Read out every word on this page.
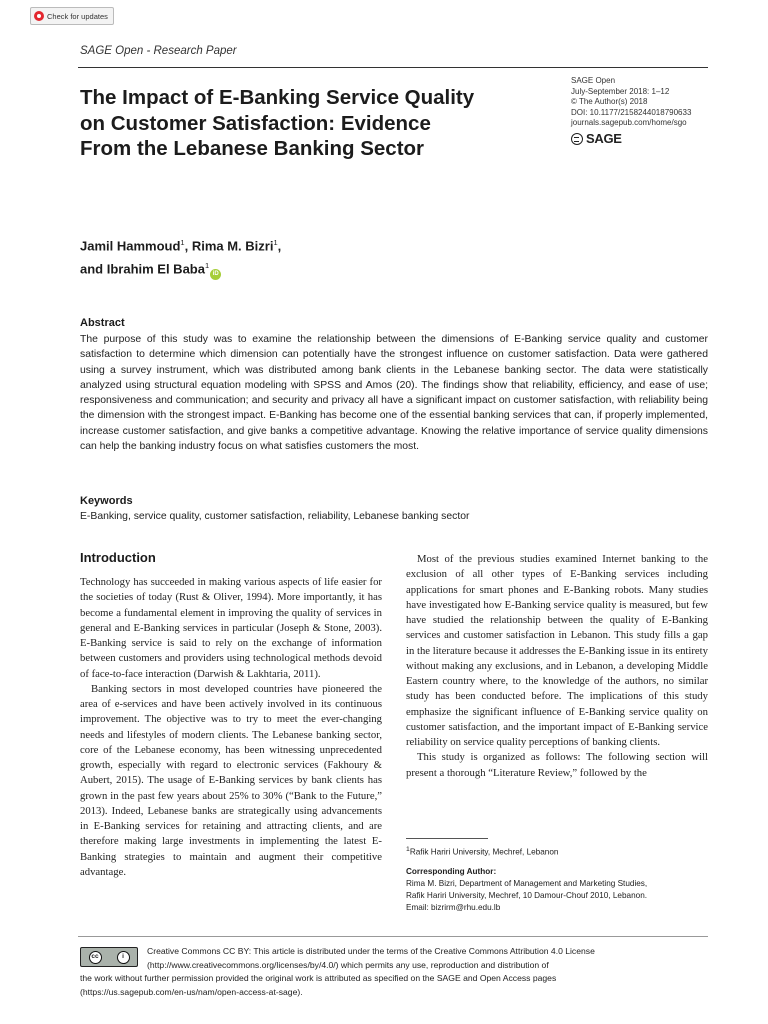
Check for updates
SAGE Open - Research Paper
The Impact of E-Banking Service Quality on Customer Satisfaction: Evidence From the Lebanese Banking Sector
SAGE Open
July-September 2018: 1–12
© The Author(s) 2018
DOI: 10.1177/2158244018790633
journals.sagepub.com/home/sgo
SAGE
Jamil Hammoud$^1$, Rima M. Bizri$^1$,
and Ibrahim El Baba$^1$iD
Abstract

The purpose of this study was to examine the relationship between the dimensions of E-Banking service quality and customer satisfaction to determine which dimension can potentially have the strongest influence on customer satisfaction. Data were gathered using a survey instrument, which was distributed among bank clients in the Lebanese banking sector. The data were statistically analyzed using structural equation modeling with SPSS and Amos (20). The findings show that reliability, efficiency, and ease of use; responsiveness and communication; and security and privacy all have a significant impact on customer satisfaction, with reliability being the dimension with the strongest impact. E-Banking has become one of the essential banking services that can, if properly implemented, increase customer satisfaction, and give banks a competitive advantage. Knowing the relative importance of service quality dimensions can help the banking industry focus on what satisfies customers the most.

Keywords
E-Banking, service quality, customer satisfaction, reliability, Lebanese banking sector
Introduction

Technology has succeeded in making various aspects of life easier for the societies of today (Rust & Oliver, 1994). More importantly, it has become a fundamental element in improving the quality of services in general and E-Banking services in particular (Joseph & Stone, 2003). E-Banking service is said to rely on the exchange of information between customers and providers using technological methods devoid of face-to-face interaction (Darwish & Lakhtaria, 2011).

Banking sectors in most developed countries have pioneered the area of e-services and have been actively involved in its continuous improvement. The objective was to try to meet the ever-changing needs and lifestyles of modern clients. The Lebanese banking sector, core of the Lebanese economy, has been witnessing unprecedented growth, especially with regard to electronic services (Fakhoury & Aubert, 2015). The usage of E-Banking services by bank clients has grown in the past few years about 25% to 30% (“Bank to the Future,” 2013). Indeed, Lebanese banks are strategically using advancements in E-Banking services for retaining and attracting clients, and are therefore making large investments in implementing the latest E-Banking strategies to maintain and augment their competitive advantage.

Most of the previous studies examined Internet banking to the exclusion of all other types of E-Banking services including applications for smart phones and E-Banking robots. Many studies have investigated how E-Banking service quality is measured, but few have studied the relationship between the quality of E-Banking services and customer satisfaction in Lebanon. This study fills a gap in the literature because it addresses the E-Banking issue in its entirety without making any exclusions, and in Lebanon, a developing Middle Eastern country where, to the knowledge of the authors, no similar study has been conducted before. The implications of this study emphasize the significant influence of E-Banking service quality on customer satisfaction, and the important impact of E-Banking service reliability on service quality perceptions of banking clients.

This study is organized as follows: The following section will present a thorough “Literature Review,” followed by the

$^1$Rafik Hariri University, Mechref, Lebanon
Corresponding Author:
Rima M. Bizri, Department of Management and Marketing Studies,
Rafik Hariri University, Mechref, 10 Damour-Chouf 2010, Lebanon.
Email: bizrirm@rhu.edu.lb
cc	i	Creative Commons CC BY: This article is distributed under the terms of the Creative Commons Attribution 4.0 License
(http://www.creativecommons.org/licenses/by/4.0/) which permits any use, reproduction and distribution of
the work without further permission provided the original work is attributed as specified on the SAGE and Open Access pages
(https://us.sagepub.com/en-us/nam/open-access-at-sage).
